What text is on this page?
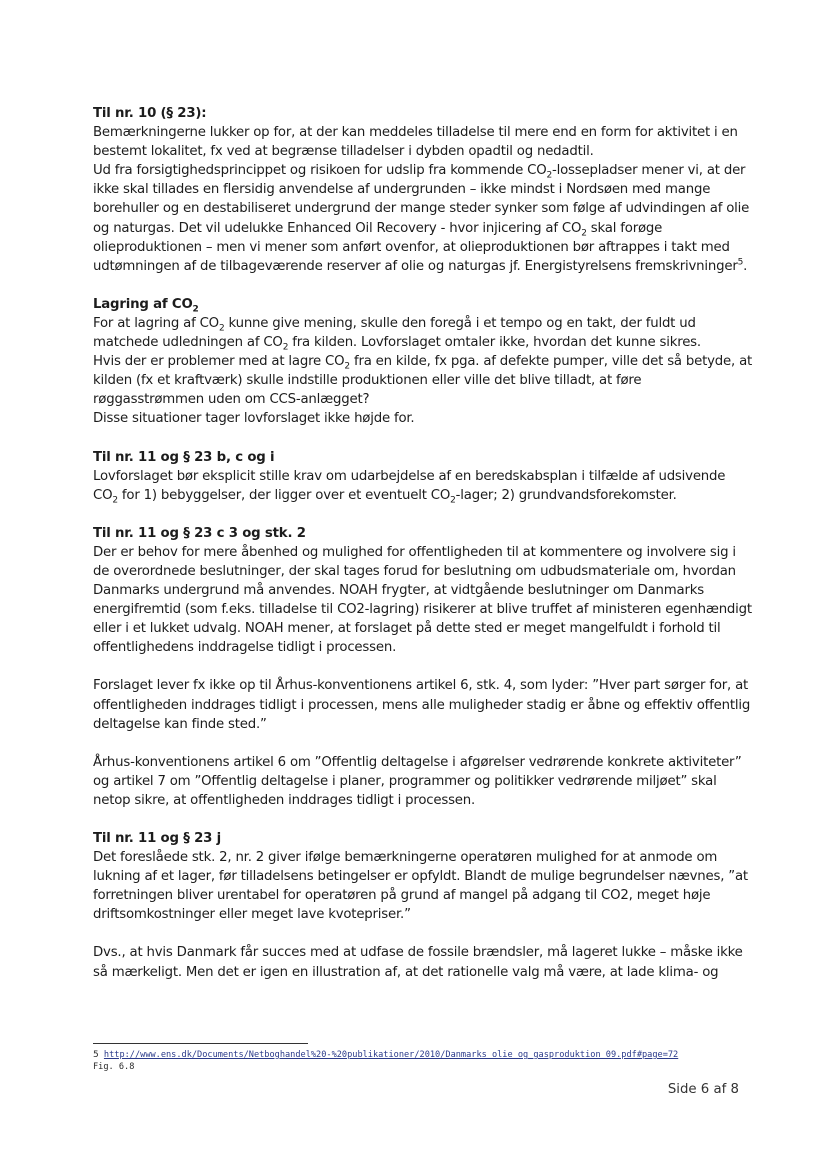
Til nr. 10 (§ 23):

Bemærkningerne lukker op for, at der kan meddeles tilladelse til mere end en form for aktivitet i en bestemt lokalitet, fx ved at begrænse tilladelser i dybden opadtil og nedadtil.

Ud fra forsigtighedsprincippet og risikoen for udslip fra kommende $CO_2$-lossepladser mener vi, at der ikke skal tillades en flersidig anvendelse af undergrunden – ikke mindst i Nordsøen med mange borehuller og en destabiliseret undergrund der mange steder synker som følge af udvindingen af olie og naturgas. Det vil udelukke Enhanced Oil Recovery - hvor injicering af $CO_2$ skal forøge olieproduktionen – men vi mener som anført ovenfor, at olieproduktionen bør aftrappes i takt med udtømningen af de tilbageværende reserver af olie og naturgas jf. Energistyrelsens fremskrivninger$^5$.

Lagring af $CO_2$

For at lagring af $CO_2$ kunne give mening, skulle den foregå i et tempo og en takt, der fuldt ud matchede udledningen af $CO_2$ fra kilden. Lovforslaget omtaler ikke, hvordan det kunne sikres.

Hvis der er problemer med at lagre $CO_2$ fra en kilde, fx pga. af defekte pumper, ville det så betyde, at kilden (fx et kraftværk) skulle indstille produktionen eller ville det blive tilladt, at føre røggasstrømmen uden om CCS-anlægget?

Disse situationer tager lovforslaget ikke højde for.

Til nr. 11 og § 23 b, c og i

Lovforslaget bør eksplicit stille krav om udarbejdelse af en beredskabsplan i tilfælde af udsivende $CO_2$ for 1) bebyggelser, der ligger over et eventuelt $CO_2$-lager; 2) grundvandsforekomster.

Til nr. 11 og § 23 c 3 og stk. 2

Der er behov for mere åbenhed og mulighed for offentligheden til at kommentere og involvere sig i de overordnede beslutninger, der skal tages forud for beslutning om udbudsmateriale om, hvordan Danmarks undergrund må anvendes. NOAH frygter, at vidtgående beslutninger om Danmarks energifremtid (som f.eks. tilladelse til CO2-lagring) risikerer at blive truffet af ministeren egenhændigt eller i et lukket udvalg. NOAH mener, at forslaget på dette sted er meget mangelfuldt i forhold til offentlighedens inddragelse tidligt i processen.

Forslaget lever fx ikke op til Århus-konventionens artikel 6, stk. 4, som lyder: ”Hver part sørger for, at offentligheden inddrages tidligt i processen, mens alle muligheder stadig er åbne og effektiv offentlig deltagelse kan finde sted.”

Århus-konventionens artikel 6 om ”Offentlig deltagelse i afgørelser vedrørende konkrete aktiviteter” og artikel 7 om ”Offentlig deltagelse i planer, programmer og politikker vedrørende miljøet” skal netop sikre, at offentligheden inddrages tidligt i processen.

Til nr. 11 og § 23 j

Det foreslåede stk. 2, nr. 2 giver ifølge bemærkningerne operatøren mulighed for at anmode om lukning af et lager, før tilladelsens betingelser er opfyldt. Blandt de mulige begrundelser nævnes, ”at forretningen bliver urentabel for operatøren på grund af mangel på adgang til CO2, meget høje driftsomkostninger eller meget lave kvotepriser.”

Dvs., at hvis Danmark får succes med at udfase de fossile brændsler, må lageret lukke – måske ikke så mærkeligt. Men det er igen en illustration af, at det rationelle valg må være, at lade klima- og

5 http://www.ens.dk/Documents/Netboghandel%20-%20publikationer/2010/Danmarks_olie_og_gasproduktion_09.pdf#page=72
Fig. 6.8
Side 6 af 8
